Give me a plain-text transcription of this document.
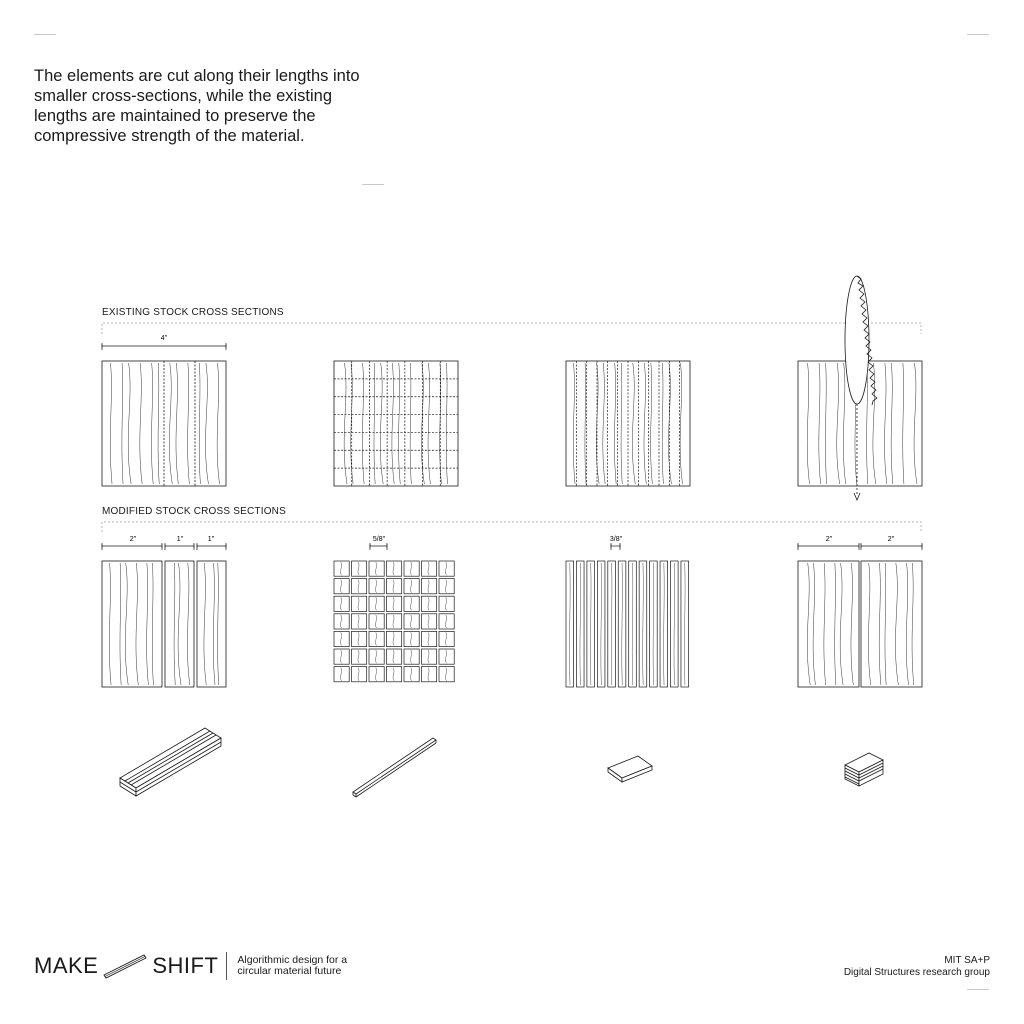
The elements are cut along their lengths into
smaller cross-sections, while the existing
lengths are maintained to preserve the
compressive strength of the material.

EXISTING STOCK CROSS SECTIONS
MODIFIED STOCK CROSS SECTIONS
4"
2"	1"	1"	5/8"	3/8"	2"	2"
MAKE SHIFT Algorithmic design for a
circular material future
MIT SA+P
Digital Structures research group
